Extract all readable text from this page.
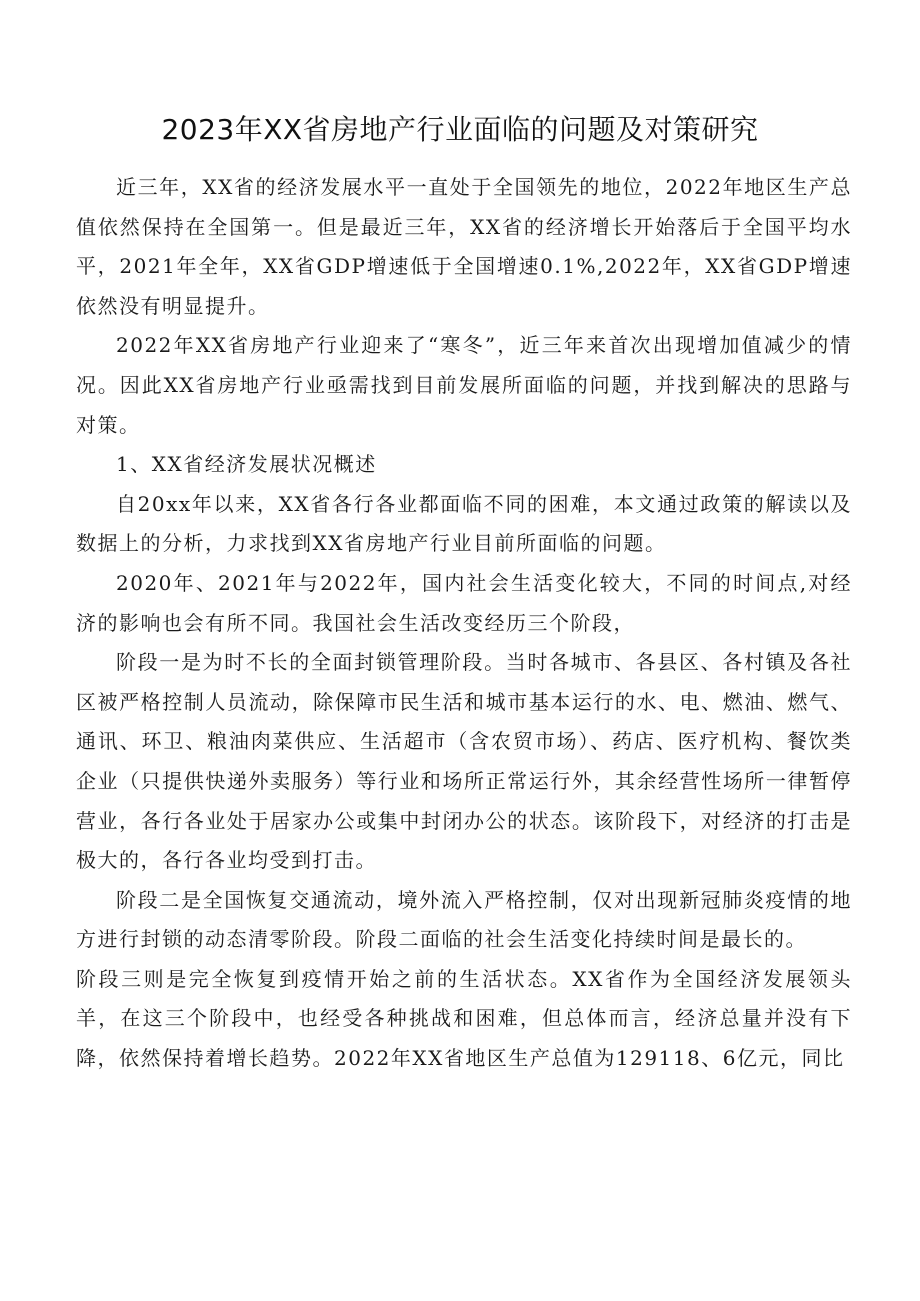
2023年XX省房地产行业面临的问题及对策研究

近三年，XX省的经济发展水平一直处于全国领先的地位，2022年地区生产总值依然保持在全国第一。但是最近三年，XX省的经济增长开始落后于全国平均水平，2021年全年，XX省GDP增速低于全国增速0.1%,2022年，XX省GDP增速依然没有明显提升。

2022年XX省房地产行业迎来了“寒冬”，近三年来首次出现增加值减少的情况。因此XX省房地产行业亟需找到目前发展所面临的问题，并找到解决的思路与对策。

1、XX省经济发展状况概述

自20xx年以来，XX省各行各业都面临不同的困难，本文通过政策的解读以及数据上的分析，力求找到XX省房地产行业目前所面临的问题。

2020年、2021年与2022年，国内社会生活变化较大，不同的时间点,对经济的影响也会有所不同。我国社会生活改变经历三个阶段，

阶段一是为时不长的全面封锁管理阶段。当时各城市、各县区、各村镇及各社区被严格控制人员流动，除保障市民生活和城市基本运行的水、电、燃油、燃气、通讯、环卫、粮油肉菜供应、生活超市（含农贸市场）、药店、医疗机构、餐饮类企业（只提供快递外卖服务）等行业和场所正常运行外，其余经营性场所一律暂停营业，各行各业处于居家办公或集中封闭办公的状态。该阶段下，对经济的打击是极大的，各行各业均受到打击。

阶段二是全国恢复交通流动，境外流入严格控制，仅对出现新冠肺炎疫情的地方进行封锁的动态清零阶段。阶段二面临的社会生活变化持续时间是最长的。

阶段三则是完全恢复到疫情开始之前的生活状态。XX省作为全国经济发展领头羊，在这三个阶段中，也经受各种挑战和困难，但总体而言，经济总量并没有下降，依然保持着增长趋势。2022年XX省地区生产总值为129118、6亿元，同比
